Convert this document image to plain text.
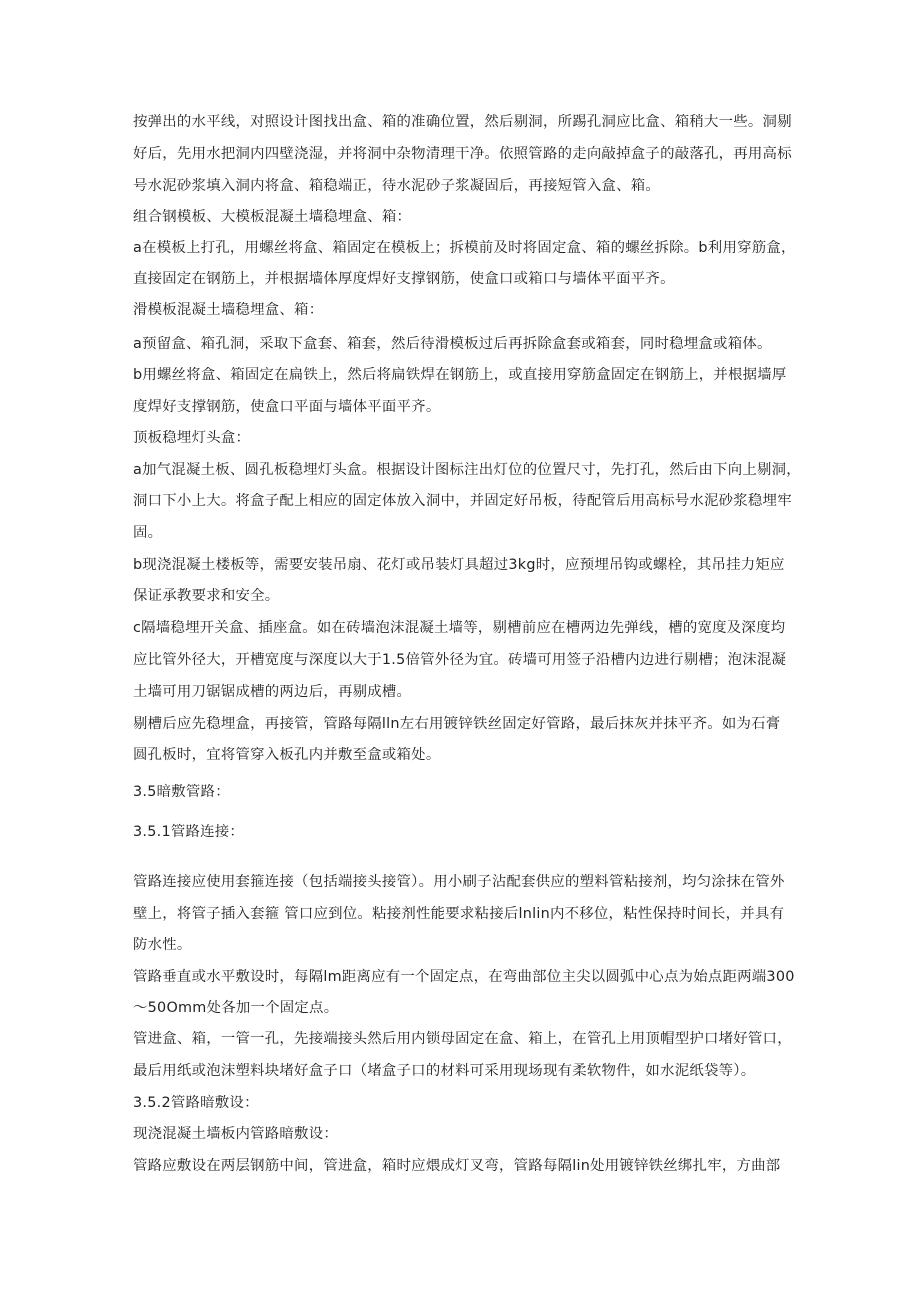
按弹出的水平线，对照设计图找出盒、箱的准确位置，然后剔洞，所踢孔洞应比盒、箱稍大一些。洞剔
好后，先用水把洞内四壁浇湿，并将洞中杂物清理干净。依照管路的走向敲掉盒子的敲落孔，再用高标
号水泥砂浆填入洞内将盒、箱稳端正，待水泥砂子浆凝固后，再接短管入盒、箱。
组合钢模板、大模板混凝土墙稳埋盒、箱：
a在模板上打孔，用螺丝将盒、箱固定在模板上；拆模前及时将固定盒、箱的螺丝拆除。b利用穿筋盒，
直接固定在钢筋上，并根据墙体厚度焊好支撑钢筋，使盒口或箱口与墙体平面平齐。
滑模板混凝土墙稳埋盒、箱：
a预留盒、箱孔洞，采取下盒套、箱套，然后待滑模板过后再拆除盒套或箱套，同时稳埋盒或箱体。
b用螺丝将盒、箱固定在扁铁上，然后将扁铁焊在钢筋上，或直接用穿筋盒固定在钢筋上，并根据墙厚
度焊好支撑钢筋，使盒口平面与墙体平面平齐。
顶板稳埋灯头盒：
a加气混凝土板、圆孔板稳埋灯头盒。根据设计图标注出灯位的位置尺寸，先打孔，然后由下向上剔洞，
洞口下小上大。将盒子配上相应的固定体放入洞中，并固定好吊板，待配管后用高标号水泥砂浆稳埋牢
固。
b现浇混凝土楼板等，需要安装吊扇、花灯或吊装灯具超过3kg时，应预埋吊钩或螺栓，其吊挂力矩应
保证承教要求和安全。
c隔墙稳埋开关盒、插座盒。如在砖墙泡沫混凝土墙等，剔槽前应在槽两边先弹线，槽的宽度及深度均
应比管外径大，开槽宽度与深度以大于1.5倍管外径为宜。砖墙可用签子沿槽内边进行剔槽；泡沫混凝
土墙可用刀锯锯成槽的两边后，再剔成槽。
剔槽后应先稳埋盒，再接管，管路每隔lln左右用镀锌铁丝固定好管路，最后抹灰并抹平齐。如为石膏
圆孔板时，宜将管穿入板孔内并敷至盒或箱处。
3.5暗敷管路：
3.5.1管路连接：
管路连接应使用套箍连接（包括端接头接管）。用小刷子沾配套供应的塑料管粘接剂，均匀涂抹在管外
壁上，将管子插入套箍 管口应到位。粘接剂性能要求粘接后lnlin内不移位，粘性保持时间长，并具有
防水性。
管路垂直或水平敷设时，每隔lm距离应有一个固定点，在弯曲部位主尖以圆弧中心点为始点距两端300
～50Omm处各加一个固定点。
管进盒、箱，一管一孔，先接端接头然后用内锁母固定在盒、箱上，在管孔上用顶帽型护口堵好管口，
最后用纸或泡沫塑料块堵好盒子口（堵盒子口的材料可采用现场现有柔软物件，如水泥纸袋等）。
3.5.2管路暗敷设：
现浇混凝土墙板内管路暗敷设：
管路应敷设在两层钢筋中间，管进盒，箱时应煨成灯叉弯，管路每隔lin处用镀锌铁丝绑扎牢，方曲部
